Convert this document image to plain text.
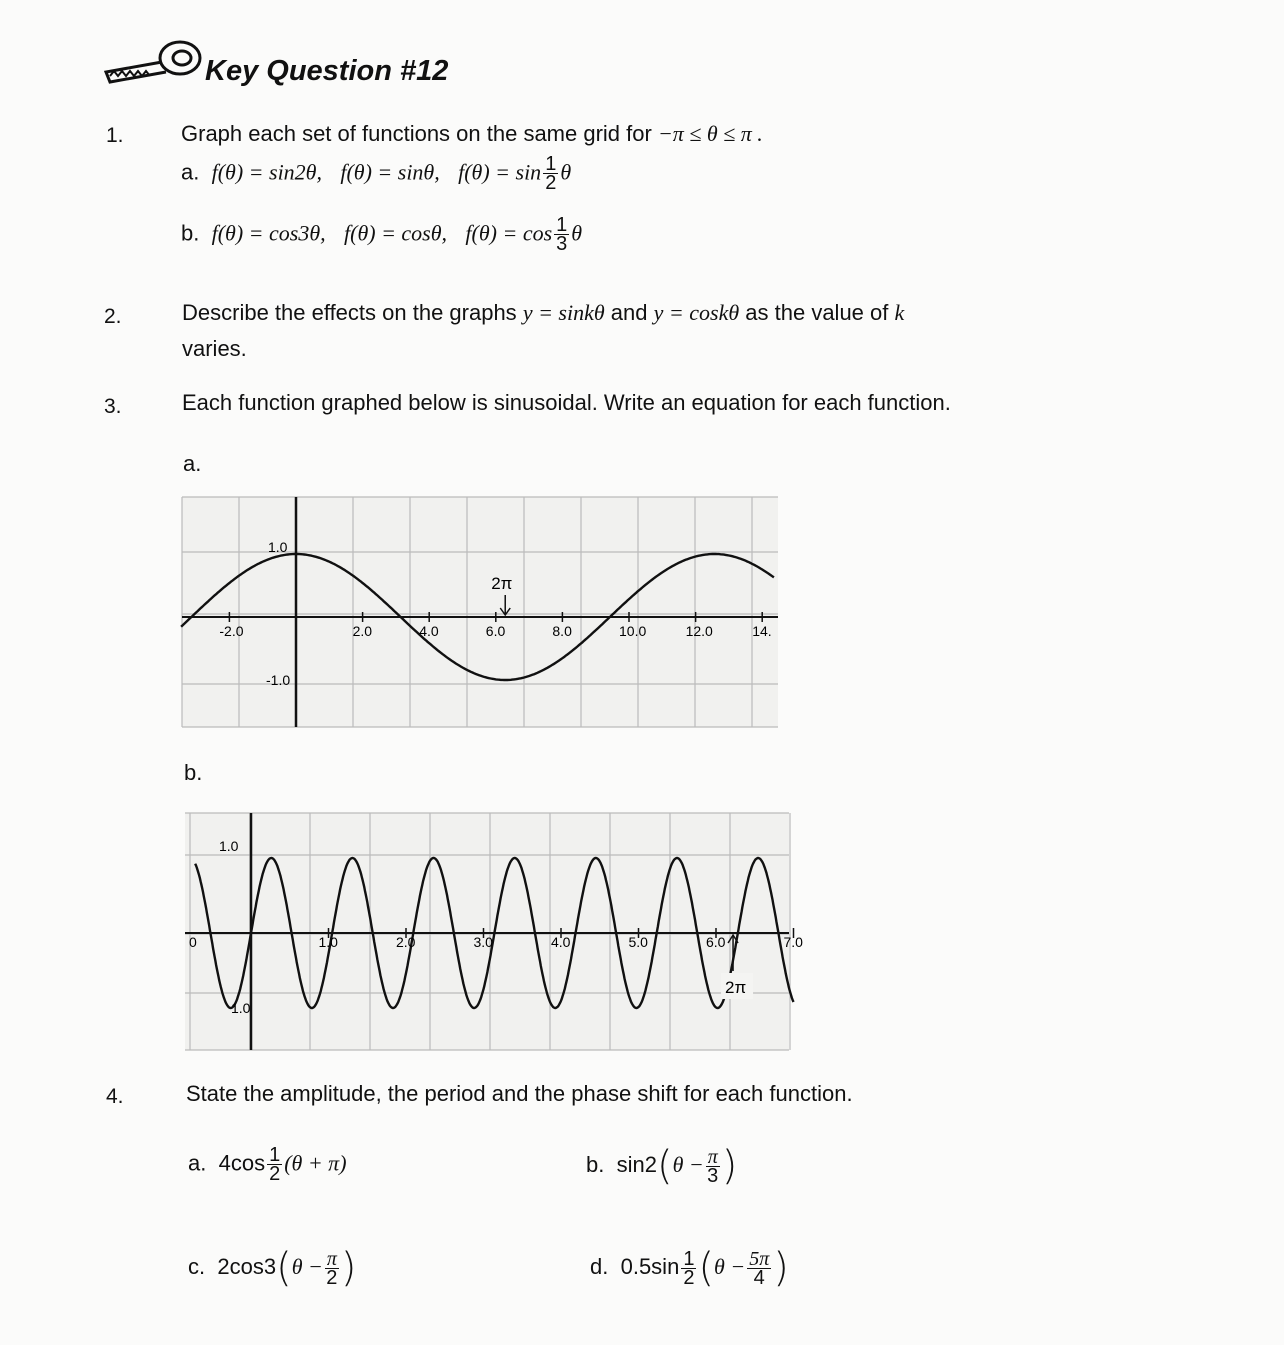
Key Question #12
1.	Graph each set of functions on the same grid for −π ≤ θ ≤ π .
a. f(θ) = sin2θ, f(θ) = sinθ, $f(\theta) = \sin \frac{1}{2}$ θ
b. f(θ) = cos3θ, f(θ) = cosθ, $f(\theta) = \cos \frac{1}{3}$ θ
2.	Describe the effects on the graphs y = sinkθ and y = coskθ as the value of k
varies.
3.	Each function graphed below is sinusoidal. Write an equation for each function.
a.
-2.0	2.0	4.0	6.0	8.0	10.0	12.0	14.
1.0
-1.0
2π
b.
0	1.0	2.0	3.0	4.0	5.0	6.0	7.0
1.0
1.0
2π
4.	State the amplitude, the period and the phase shift for each function.
a. $4\cos \frac{1}{2} (\theta + \pi)$	b. $\sin 2(\theta - \frac{\pi}{3}$ )
c. $2\cos 3(\theta - \frac{\pi}{2}$ )	d. $0.5\sin \frac{1}{2} (\theta - \frac{5\pi}{4}$ )
